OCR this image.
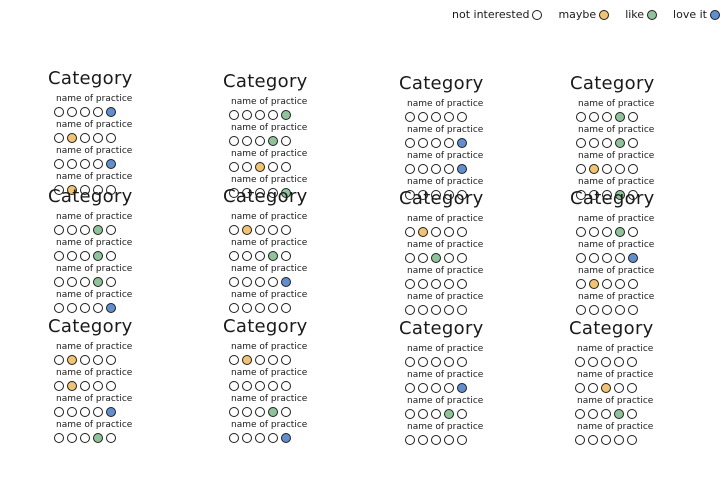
not interested	maybe	like	love it
Category
name of practice
name of practice
name of practice
name of practice
Category
name of practice
name of practice
name of practice
name of practice
Category
name of practice
name of practice
name of practice
name of practice
Category
name of practice
name of practice
name of practice
name of practice
Category
name of practice
name of practice
name of practice
name of practice
Category
name of practice
name of practice
name of practice
name of practice
Category
name of practice
name of practice
name of practice
name of practice
Category
name of practice
name of practice
name of practice
name of practice
Category
name of practice
name of practice
name of practice
name of practice
Category
name of practice
name of practice
name of practice
name of practice
Category
name of practice
name of practice
name of practice
name of practice
Category
name of practice
name of practice
name of practice
name of practice
